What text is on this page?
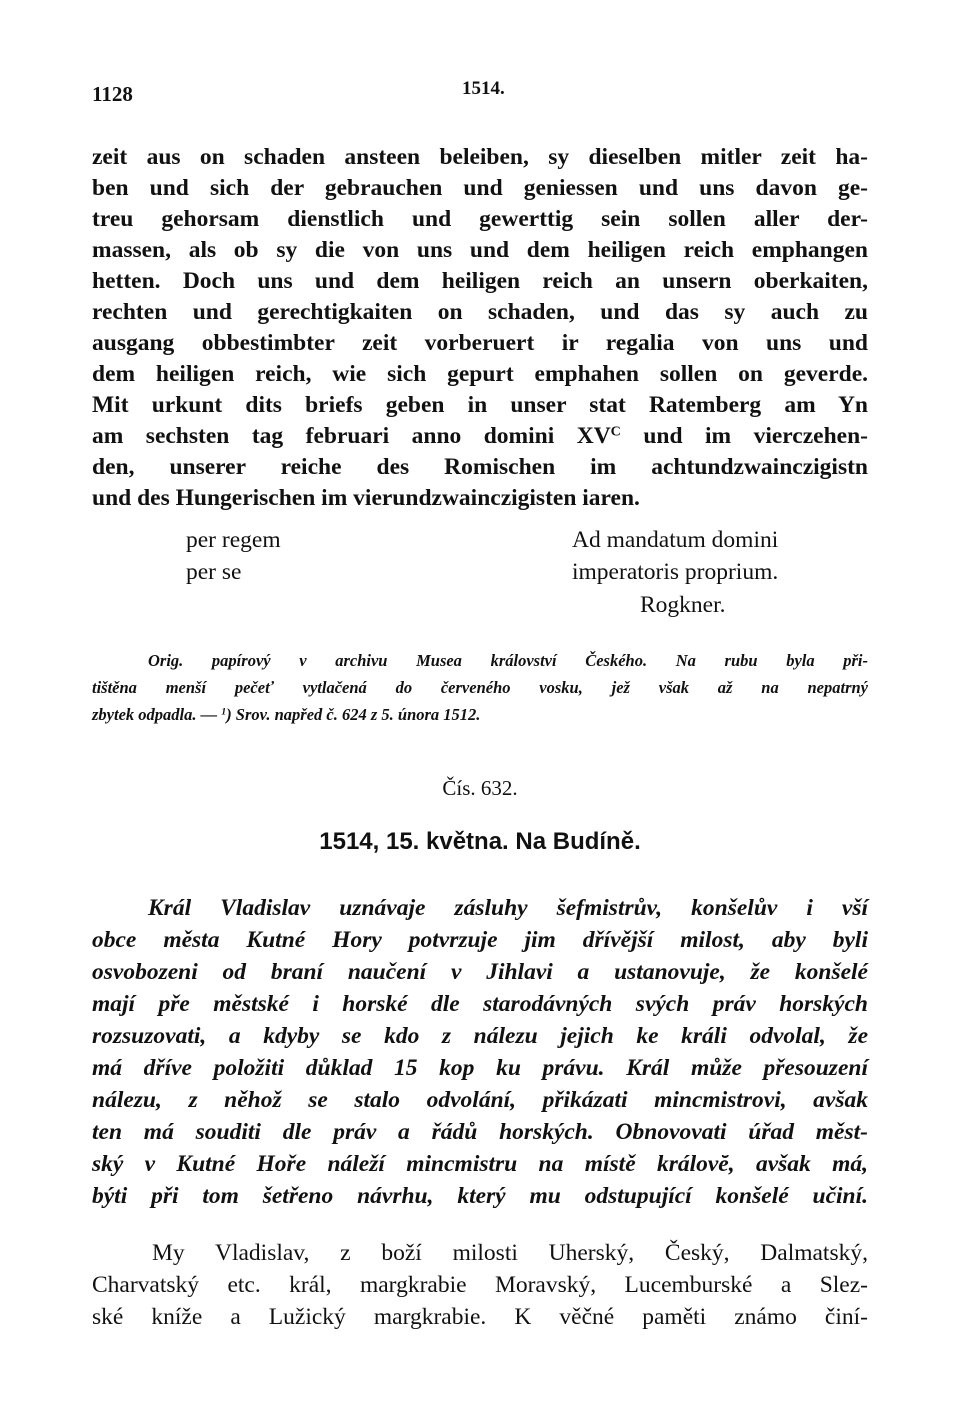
1128	1514.
zeit aus on schaden ansteen beleiben, sy dieselben mitler zeit ha-
ben und sich der gebrauchen und geniessen und uns davon ge-
treu gehorsam dienstlich und gewerttig sein sollen aller der-
massen, als ob sy die von uns und dem heiligen reich emphangen
hetten. Doch uns und dem heiligen reich an unsern oberkaiten,
rechten und gerechtigkaiten on schaden, und das sy auch zu
ausgang obbestimbter zeit vorberuert ir regalia von uns und
dem heiligen reich, wie sich gepurt emphahen sollen on geverde.
Mit urkunt dits briefs geben in unser stat Ratemberg am Yn
am sechsten tag februari anno domini $XV^C$ und im vierczehen-
den, unserer reiche des Romischen im achtundzwainczigistn
und des Hungerischen im vierundzwainczigisten iaren.
per regem
per se
Ad mandatum domini
imperatoris proprium.
Rogkner.
Orig. papírový v archivu Musea království Českého. Na rubu byla při-
tištěna menší pečeť vytlačená do červeného vosku, jež však až na nepatrný
zbytek odpadla. — $^1$) Srov. napřed č. 624 z 5. února 1512.
Čís. 632.
1514, 15. května. Na Budíně.
Král Vladislav uznávaje zásluhy šefmistrův, konšelův i vší
obce města Kutné Hory potvrzuje jim dřívější milost, aby byli
osvobozeni od braní naučení v Jihlavi a ustanovuje, že konšelé
mají pře městské i horské dle starodávných svých práv horských
rozsuzovati, a kdyby se kdo z nálezu jejich ke králi odvolal, že
má dříve položiti důklad 15 kop ku právu. Král může přesouzení
nálezu, z něhož se stalo odvolání, přikázati mincmistrovi, avšak
ten má souditi dle práv a řádů horských. Obnovovati úřad měst-
ský v Kutné Hoře náleží mincmistru na místě královĕ, avšak má,
býti při tom šetřeno návrhu, který mu odstupující konšelé učiní.
My Vladislav, z boží milosti Uherský, Český, Dalmatský,
Charvatský etc. král, margkrabie Moravský, Lucemburské a Slez-
ské kníže a Lužický margkrabie. K věčné paměti známo činí-
